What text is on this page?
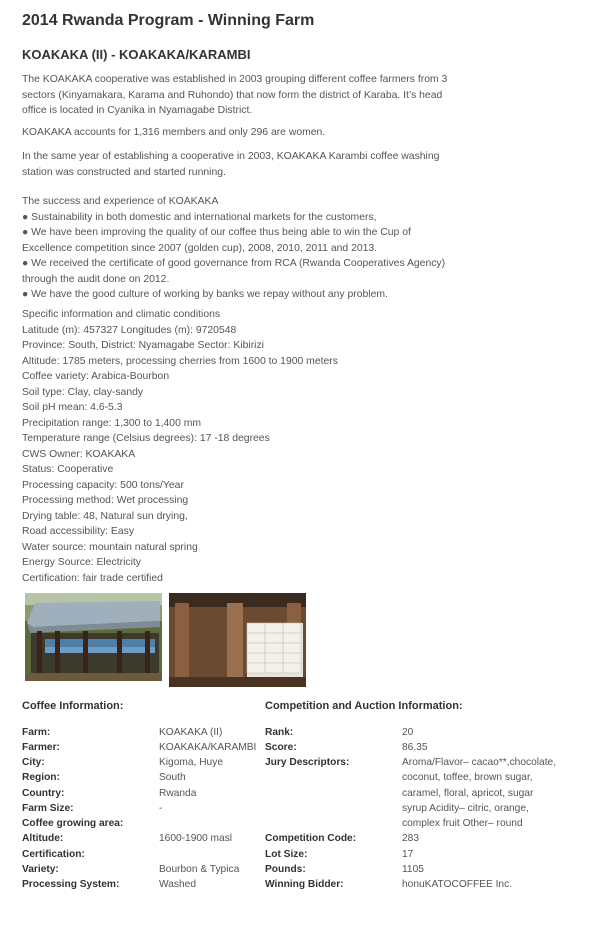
2014 Rwanda Program - Winning Farm
KOAKAKA (II) - KOAKAKA/KARAMBI
The KOAKAKA cooperative was established in 2003 grouping different coffee farmers from 3
sectors (Kinyamakara, Karama and Ruhondo) that now form the district of Karaba. It’s head
office is located in Cyanika in Nyamagabe District.
KOAKAKA accounts for 1,316 members and only 296 are women.
In the same year of establishing a cooperative in 2003, KOAKAKA Karambi coffee washing
station was constructed and started running.
The success and experience of KOAKAKA
● Sustainability in both domestic and international markets for the customers,
● We have been improving the quality of our coffee thus being able to win the Cup of
Excellence competition since 2007 (golden cup), 2008, 2010, 2011 and 2013.
● We received the certificate of good governance from RCA (Rwanda Cooperatives Agency)
through the audit done on 2012.
● We have the good culture of working by banks we repay without any problem.
Specific information and climatic conditions
Latitude (m): 457327 Longitudes (m): 9720548
Province: South, District: Nyamagabe Sector: Kibirizi
Altitude: 1785 meters, processing cherries from 1600 to 1900 meters
Coffee variety: Arabica-Bourbon
Soil type: Clay, clay-sandy
Soil pH mean: 4.6-5.3
Precipitation range: 1,300 to 1,400 mm
Temperature range (Celsius degrees): 17 -18 degrees
CWS Owner: KOAKAKA
Status: Cooperative
Processing capacity: 500 tons/Year
Processing method: Wet processing
Drying table: 48, Natural sun drying,
Road accessibility: Easy
Water source: mountain natural spring
Energy Source: Electricity
Certification: fair trade certified
Coffee Information:	Competition and Auction Information:
Farm:	KOAKAKA (II)
Farmer:	KOAKAKA/KARAMBI
City:	Kigoma, Huye
Region:	South
Country:	Rwanda
Farm Size:	-
Coffee growing area:
Altitude:	1600-1900 masl
Certification:
Variety:	Bourbon & Typica
Processing System:	Washed
Rank:	20
Score:	86.35
Jury Descriptors:	Aroma/Flavor– cacao**,chocolate,
coconut, toffee, brown sugar,
caramel, floral, apricot, sugar
syrup Acidity– citric, orange,
complex fruit Other– round
Competition Code:	283
Lot Size:	17
Pounds:	1105
Winning Bidder:	honuKATOCOFFEE Inc.
